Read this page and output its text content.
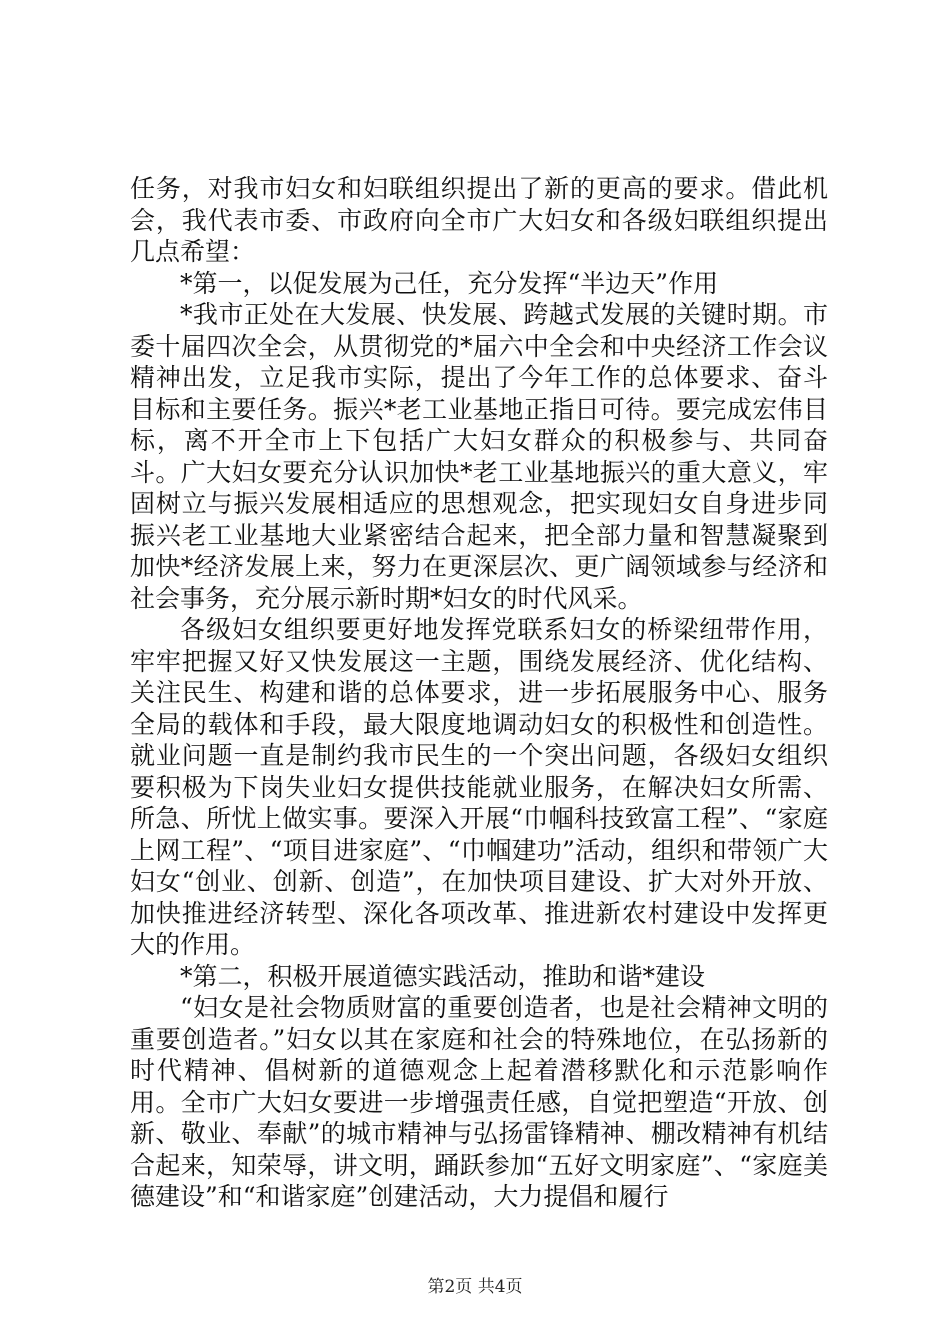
任务，对我市妇女和妇联组织提出了新的更高的要求。借此机会，我代表市委、市政府向全市广大妇女和各级妇联组织提出几点希望：

*第一，以促发展为己任，充分发挥“半边天”作用

*我市正处在大发展、快发展、跨越式发展的关键时期。市委十届四次全会，从贯彻党的*届六中全会和中央经济工作会议精神出发，立足我市实际，提出了今年工作的总体要求、奋斗目标和主要任务。振兴*老工业基地正指日可待。要完成宏伟目标，离不开全市上下包括广大妇女群众的积极参与、共同奋斗。广大妇女要充分认识加快*老工业基地振兴的重大意义，牢固树立与振兴发展相适应的思想观念，把实现妇女自身进步同振兴老工业基地大业紧密结合起来，把全部力量和智慧凝聚到加快*经济发展上来，努力在更深层次、更广阔领域参与经济和社会事务，充分展示新时期*妇女的时代风采。

各级妇女组织要更好地发挥党联系妇女的桥梁纽带作用，牢牢把握又好又快发展这一主题，围绕发展经济、优化结构、关注民生、构建和谐的总体要求，进一步拓展服务中心、服务全局的载体和手段，最大限度地调动妇女的积极性和创造性。就业问题一直是制约我市民生的一个突出问题，各级妇女组织要积极为下岗失业妇女提供技能就业服务，在解决妇女所需、所急、所忧上做实事。要深入开展“巾帼科技致富工程”、“家庭上网工程”、“项目进家庭”、“巾帼建功”活动，组织和带领广大妇女“创业、创新、创造”，在加快项目建设、扩大对外开放、加快推进经济转型、深化各项改革、推进新农村建设中发挥更大的作用。

*第二，积极开展道德实践活动，推助和谐*建设

“妇女是社会物质财富的重要创造者，也是社会精神文明的重要创造者。”妇女以其在家庭和社会的特殊地位，在弘扬新的时代精神、倡树新的道德观念上起着潜移默化和示范影响作用。全市广大妇女要进一步增强责任感，自觉把塑造“开放、创新、敬业、奉献”的城市精神与弘扬雷锋精神、棚改精神有机结合起来，知荣辱，讲文明，踊跃参加“五好文明家庭”、“家庭美德建设”和“和谐家庭”创建活动，大力提倡和履行

第2页 共4页
